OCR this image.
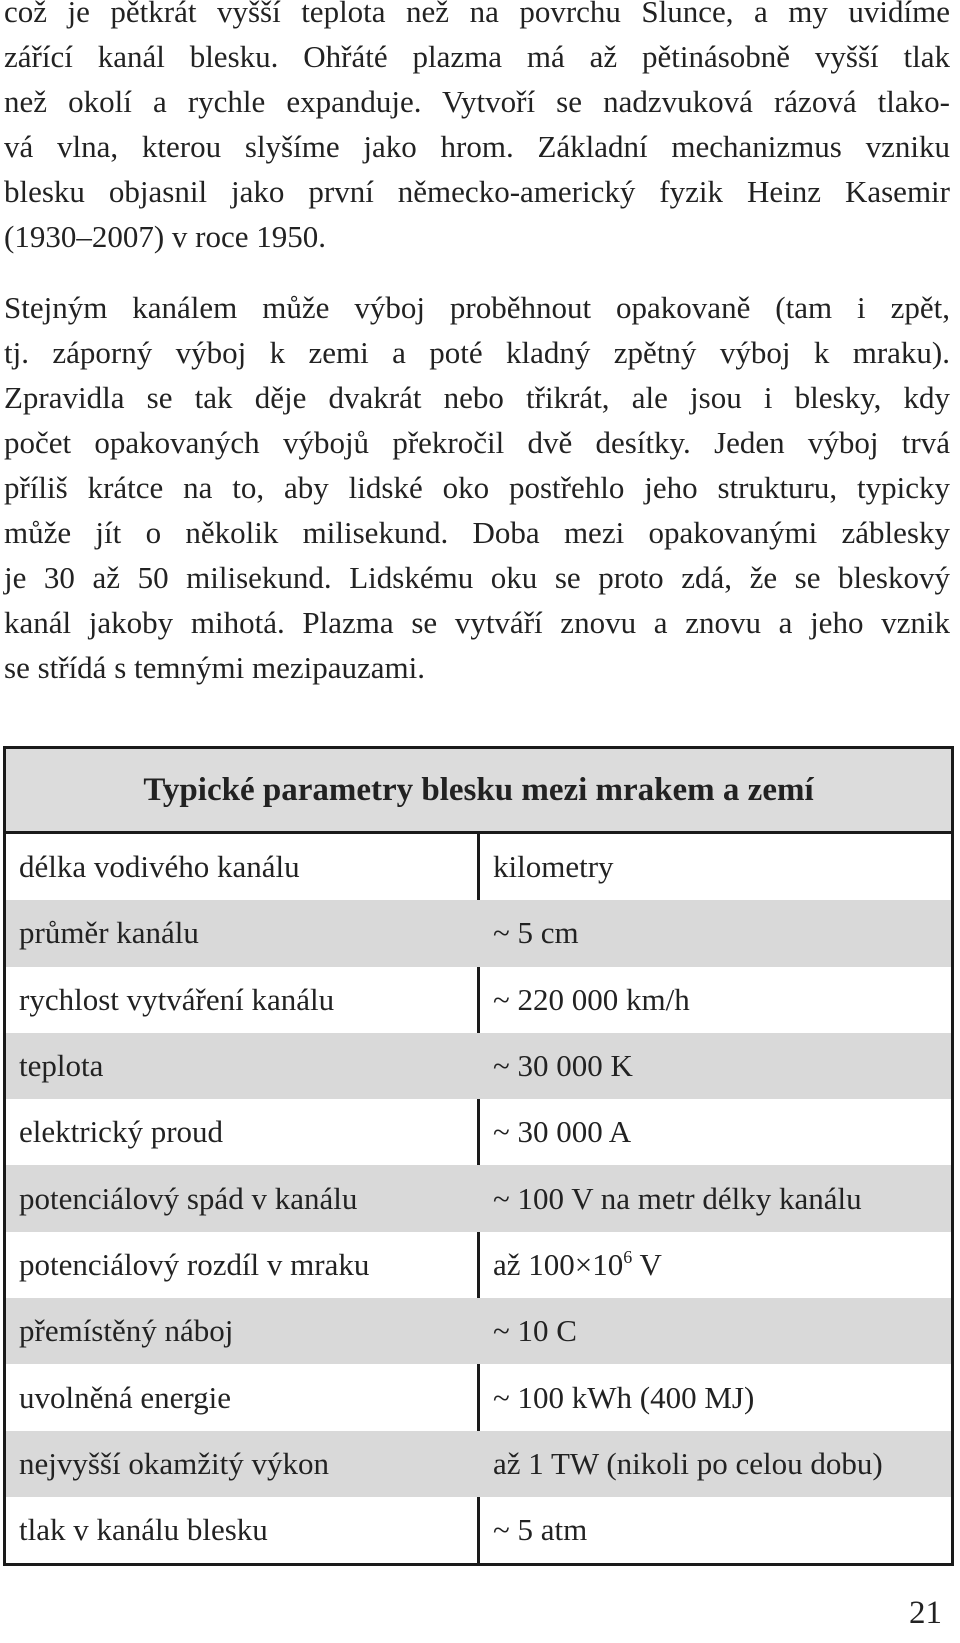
což je pětkrát vyšší teplota než na povrchu Slunce, a my uvidíme
zářící kanál blesku. Ohřáté plazma má až pětinásobně vyšší tlak
než okolí a rychle expanduje. Vytvoří se nadzvuková rázová tlako-
vá vlna, kterou slyšíme jako hrom. Základní mechanizmus vzniku
blesku objasnil jako první německo-americký fyzik Heinz Kasemir
(1930–2007) v roce 1950.

Stejným kanálem může výboj proběhnout opakovaně (tam i zpět,
tj. záporný výboj k zemi a poté kladný zpětný výboj k mraku).
Zpravidla se tak děje dvakrát nebo třikrát, ale jsou i blesky, kdy
počet opakovaných výbojů překročil dvě desítky. Jeden výboj trvá
příliš krátce na to, aby lidské oko postřehlo jeho strukturu, typicky
může jít o několik milisekund. Doba mezi opakovanými záblesky
je 30 až 50 milisekund. Lidskému oku se proto zdá, že se bleskový
kanál jakoby mihotá. Plazma se vytváří znovu a znovu a jeho vznik
se střídá s temnými mezipauzami.

Typické parametry blesku mezi mrakem a zemí
délka vodivého kanálu	kilometry
průměr kanálu	~ 5 cm
rychlost vytváření kanálu	~ 220 000 km/h
teplota	~ 30 000 K
elektrický proud	~ 30 000 A
potenciálový spád v kanálu	~ 100 V na metr délky kanálu
potenciálový rozdíl v mraku	až $100\times 10^6$ V
přemístěný náboj	~ 10 C
uvolněná energie	~ 100 kWh (400 MJ)
nejvyšší okamžitý výkon	až 1 TW (nikoli po celou dobu)
tlak v kanálu blesku	~ 5 atm
21
